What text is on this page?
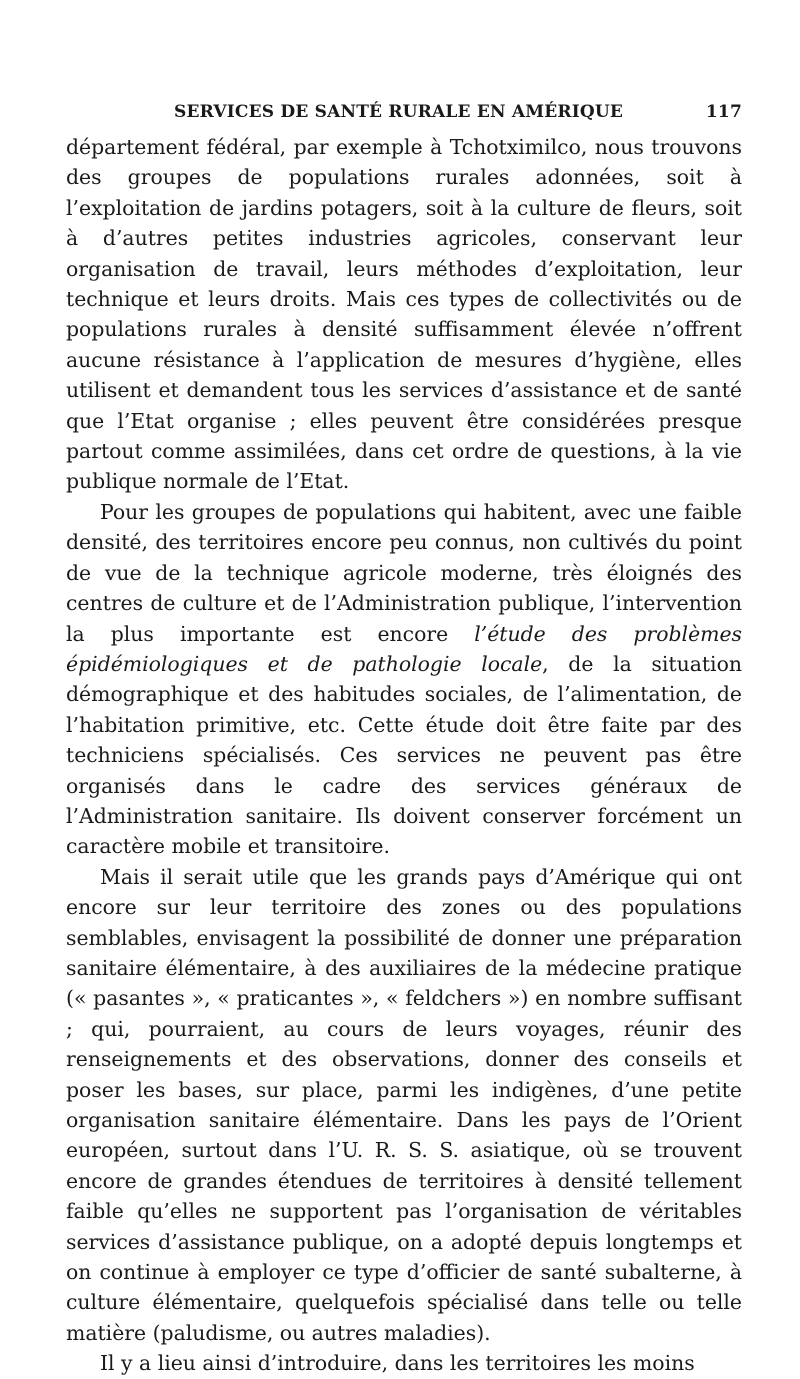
SERVICES DE SANTÉ RURALE EN AMÉRIQUE	117

département fédéral, par exemple à Tchotximilco, nous trouvons des groupes de populations rurales adonnées, soit à l’exploitation de jardins potagers, soit à la culture de fleurs, soit à d’autres petites industries agricoles, conservant leur organisation de travail, leurs méthodes d’exploitation, leur technique et leurs droits. Mais ces types de collectivités ou de populations rurales à densité suffisamment élevée n’offrent aucune résistance à l’application de mesures d’hygiène, elles utilisent et demandent tous les services d’assistance et de santé que l’Etat organise ; elles peuvent être considérées presque partout comme assimilées, dans cet ordre de questions, à la vie publique normale de l’Etat.

Pour les groupes de populations qui habitent, avec une faible densité, des territoires encore peu connus, non cultivés du point de vue de la technique agricole moderne, très éloignés des centres de culture et de l’Administration publique, l’intervention la plus importante est encore l’étude des problèmes épidémiologiques et de pathologie locale, de la situation démographique et des habitudes sociales, de l’alimentation, de l’habitation primitive, etc. Cette étude doit être faite par des techniciens spécialisés. Ces services ne peuvent pas être organisés dans le cadre des services généraux de l’Administration sanitaire. Ils doivent conserver forcément un caractère mobile et transitoire.

Mais il serait utile que les grands pays d’Amérique qui ont encore sur leur territoire des zones ou des populations semblables, envisagent la possibilité de donner une préparation sanitaire élémentaire, à des auxiliaires de la médecine pratique (« pasantes », « praticantes », « feldchers ») en nombre suffisant ; qui, pourraient, au cours de leurs voyages, réunir des renseignements et des observations, donner des conseils et poser les bases, sur place, parmi les indigènes, d’une petite organisation sanitaire élémentaire. Dans les pays de l’Orient européen, surtout dans l’U. R. S. S. asiatique, où se trouvent encore de grandes étendues de territoires à densité tellement faible qu’elles ne supportent pas l’organisation de véritables services d’assistance publique, on a adopté depuis longtemps et on continue à employer ce type d’officier de santé subalterne, à culture élémentaire, quelquefois spécialisé dans telle ou telle matière (paludisme, ou autres maladies).

Il y a lieu ainsi d’introduire, dans les territoires les moins
